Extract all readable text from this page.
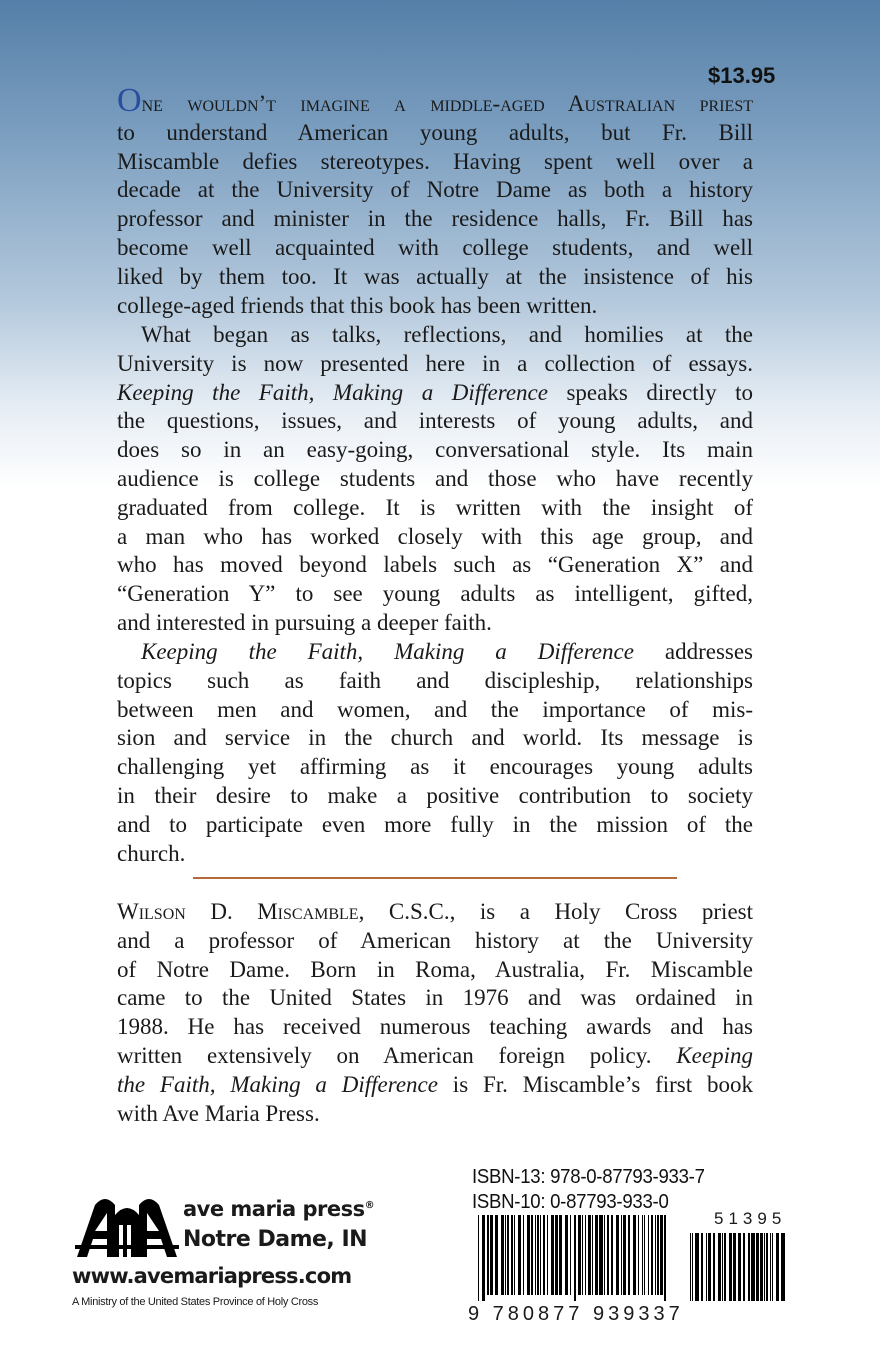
$13.95
One wouldn’t imagine a middle-aged Australian priest
to understand American young adults, but Fr. Bill
Miscamble defies stereotypes. Having spent well over a
decade at the University of Notre Dame as both a history
professor and minister in the residence halls, Fr. Bill has
become well acquainted with college students, and well
liked by them too. It was actually at the insistence of his
college-aged friends that this book has been written.
What began as talks, reflections, and homilies at the
University is now presented here in a collection of essays.
Keeping the Faith, Making a Difference speaks directly to
the questions, issues, and interests of young adults, and
does so in an easy-going, conversational style. Its main
audience is college students and those who have recently
graduated from college. It is written with the insight of
a man who has worked closely with this age group, and
who has moved beyond labels such as “Generation X” and
“Generation Y” to see young adults as intelligent, gifted,
and interested in pursuing a deeper faith.
Keeping the Faith, Making a Difference addresses
topics such as faith and discipleship, relationships
between men and women, and the importance of mis-
sion and service in the church and world. Its message is
challenging yet affirming as it encourages young adults
in their desire to make a positive contribution to society
and to participate even more fully in the mission of the
church.
Wilson D. Miscamble, C.S.C., is a Holy Cross priest
and a professor of American history at the University
of Notre Dame. Born in Roma, Australia, Fr. Miscamble
came to the United States in 1976 and was ordained in
1988. He has received numerous teaching awards and has
written extensively on American foreign policy. Keeping
the Faith, Making a Difference is Fr. Miscamble’s first book
with Ave Maria Press.
ave maria press®
Notre Dame, IN
www.avemariapress.com
A Ministry of the United States Province of Holy Cross
ISBN-13: 978-0-87793-933-7
ISBN-10: 0-87793-933-0
9 780877 939337
51395
